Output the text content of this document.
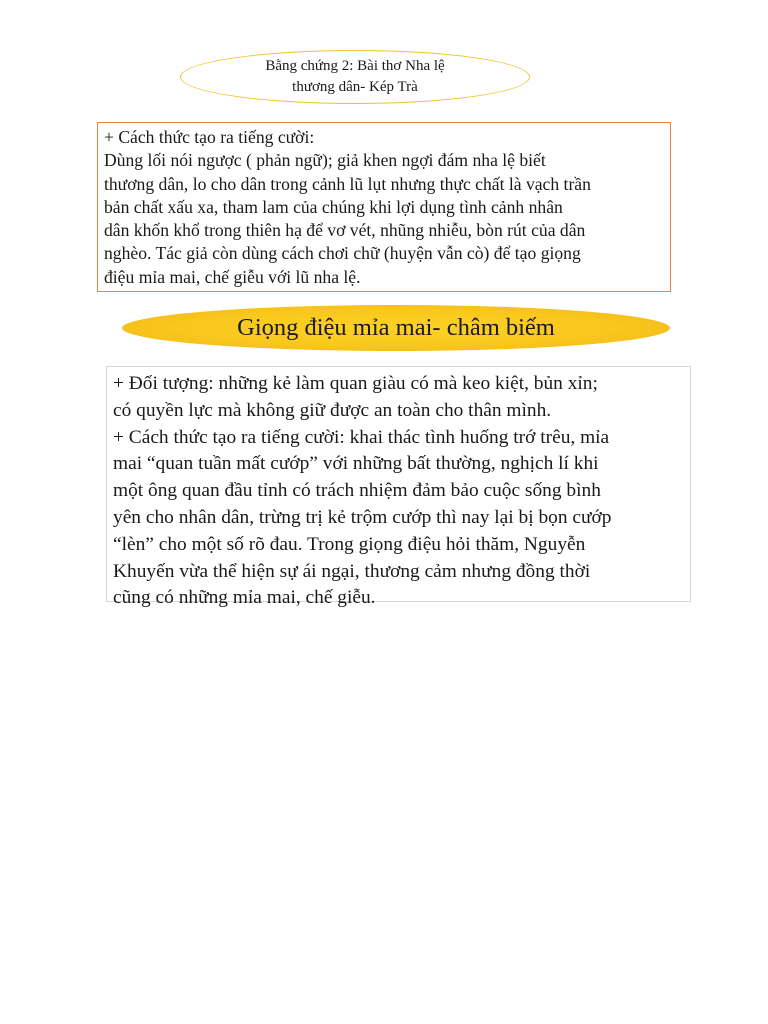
Bằng chứng 2: Bài thơ Nha lệ
thương dân- Kép Trà
+ Cách thức tạo ra tiếng cười:
Dùng lối nói ngược ( phản ngữ); giả khen ngợi đám nha lệ biết
thương dân, lo cho dân trong cảnh lũ lụt nhưng thực chất là vạch trần
bản chất xấu xa, tham lam của chúng khi lợi dụng tình cảnh nhân
dân khốn khổ trong thiên hạ để vơ vét, nhũng nhiễu, bòn rút của dân
nghèo. Tác giả còn dùng cách chơi chữ (huyện vẫn cò) để tạo giọng
điệu mỉa mai, chế giễu với lũ nha lệ.
Giọng điệu mỉa mai- châm biếm
+ Đối tượng: những kẻ làm quan giàu có mà keo kiệt, bủn xỉn;
có quyền lực mà không giữ được an toàn cho thân mình.
+ Cách thức tạo ra tiếng cười: khai thác tình huống trớ trêu, mỉa
mai “quan tuần mất cướp” với những bất thường, nghịch lí khi
một ông quan đầu tỉnh có trách nhiệm đảm bảo cuộc sống bình
yên cho nhân dân, trừng trị kẻ trộm cướp thì nay lại bị bọn cướp
“lèn” cho một số rõ đau. Trong giọng điệu hỏi thăm, Nguyễn
Khuyến vừa thể hiện sự ái ngại, thương cảm nhưng đồng thời
cũng có những mỉa mai, chế giễu.
